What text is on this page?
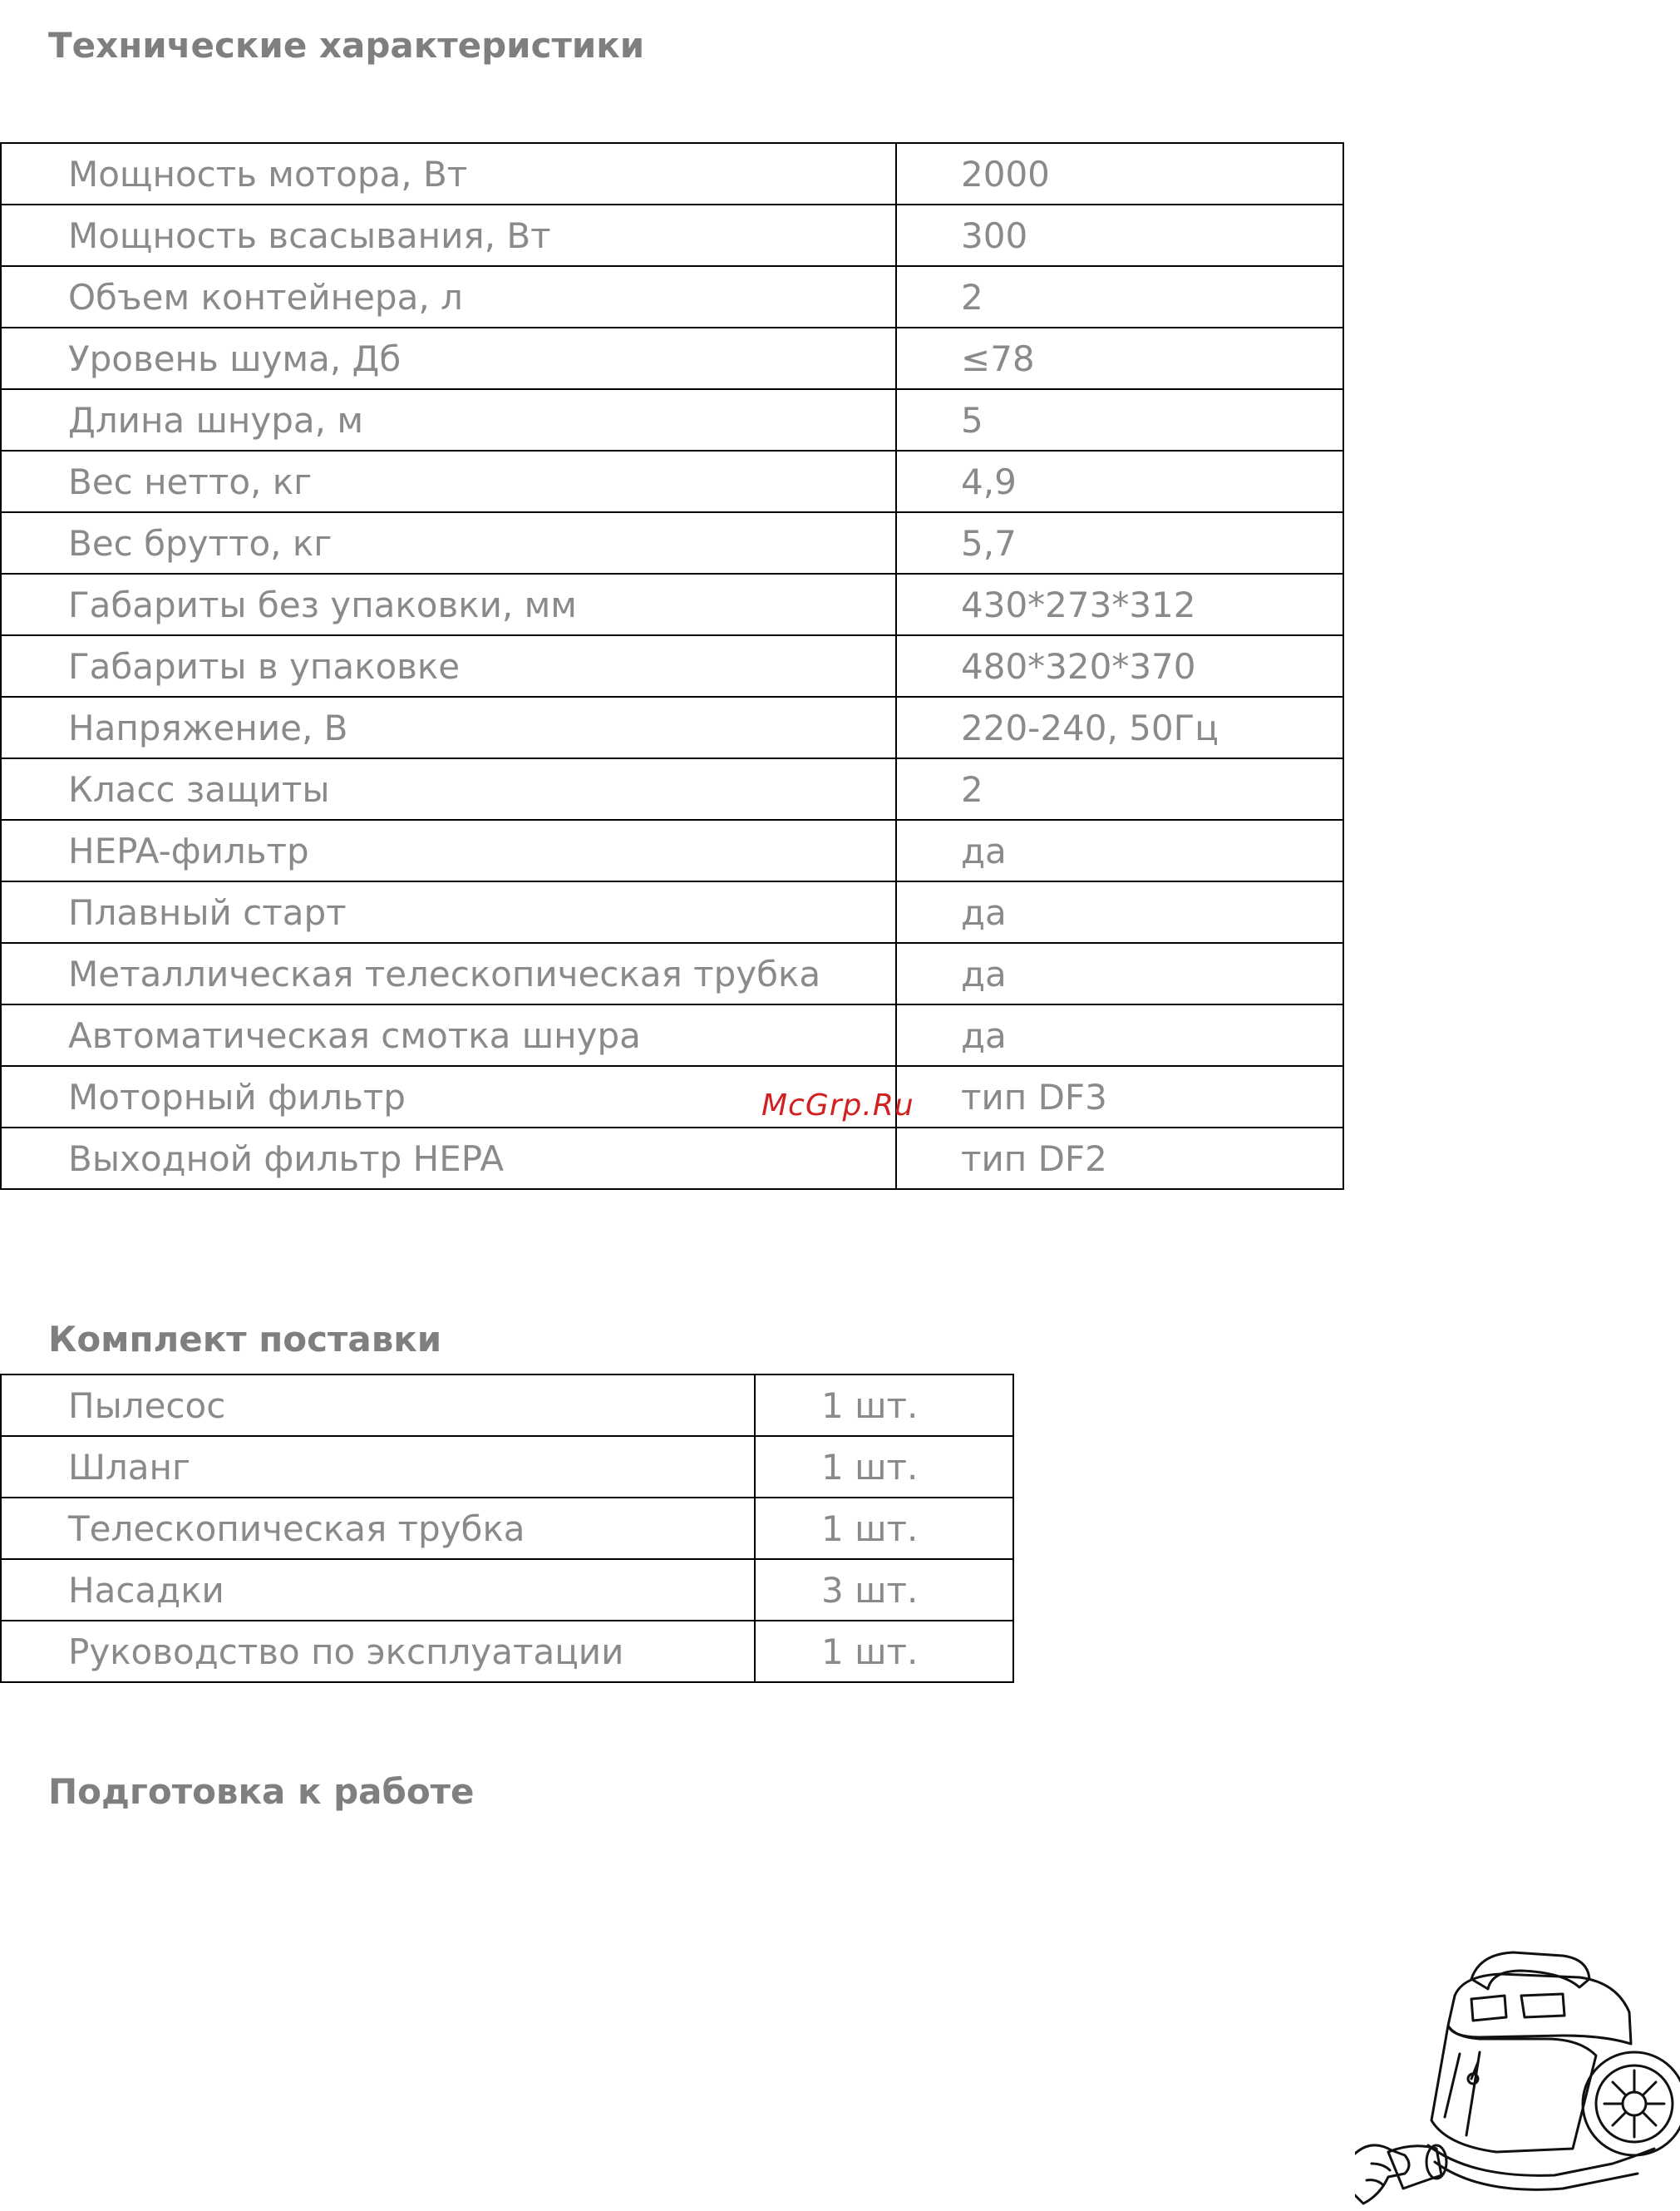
Технические характеристики
Мощность мотора, Вт	2000
Мощность всасывания, Вт	300
Объем контейнера, л	2
Уровень шума, Дб	≤78
Длина шнура, м	5
Вес нетто, кг	4,9
Вес брутто, кг	5,7
Габариты без упаковки, мм	430*273*312
Габариты в упаковке	480*320*370
Напряжение, В	220-240, 50Гц
Класс защиты	2
HEPA-фильтр	да
Плавный старт	да
Металлическая телескопическая трубка	да
Автоматическая смотка шнура	да
Моторный фильтр	тип DF3
Выходной фильтр HEPA	тип DF2
McGrp.Ru
Комплект поставки
Пылесос	1 шт.
Шланг	1 шт.
Телескопическая трубка	1 шт.
Насадки	3 шт.
Руководство по эксплуатации	1 шт.
Подготовка к работе
